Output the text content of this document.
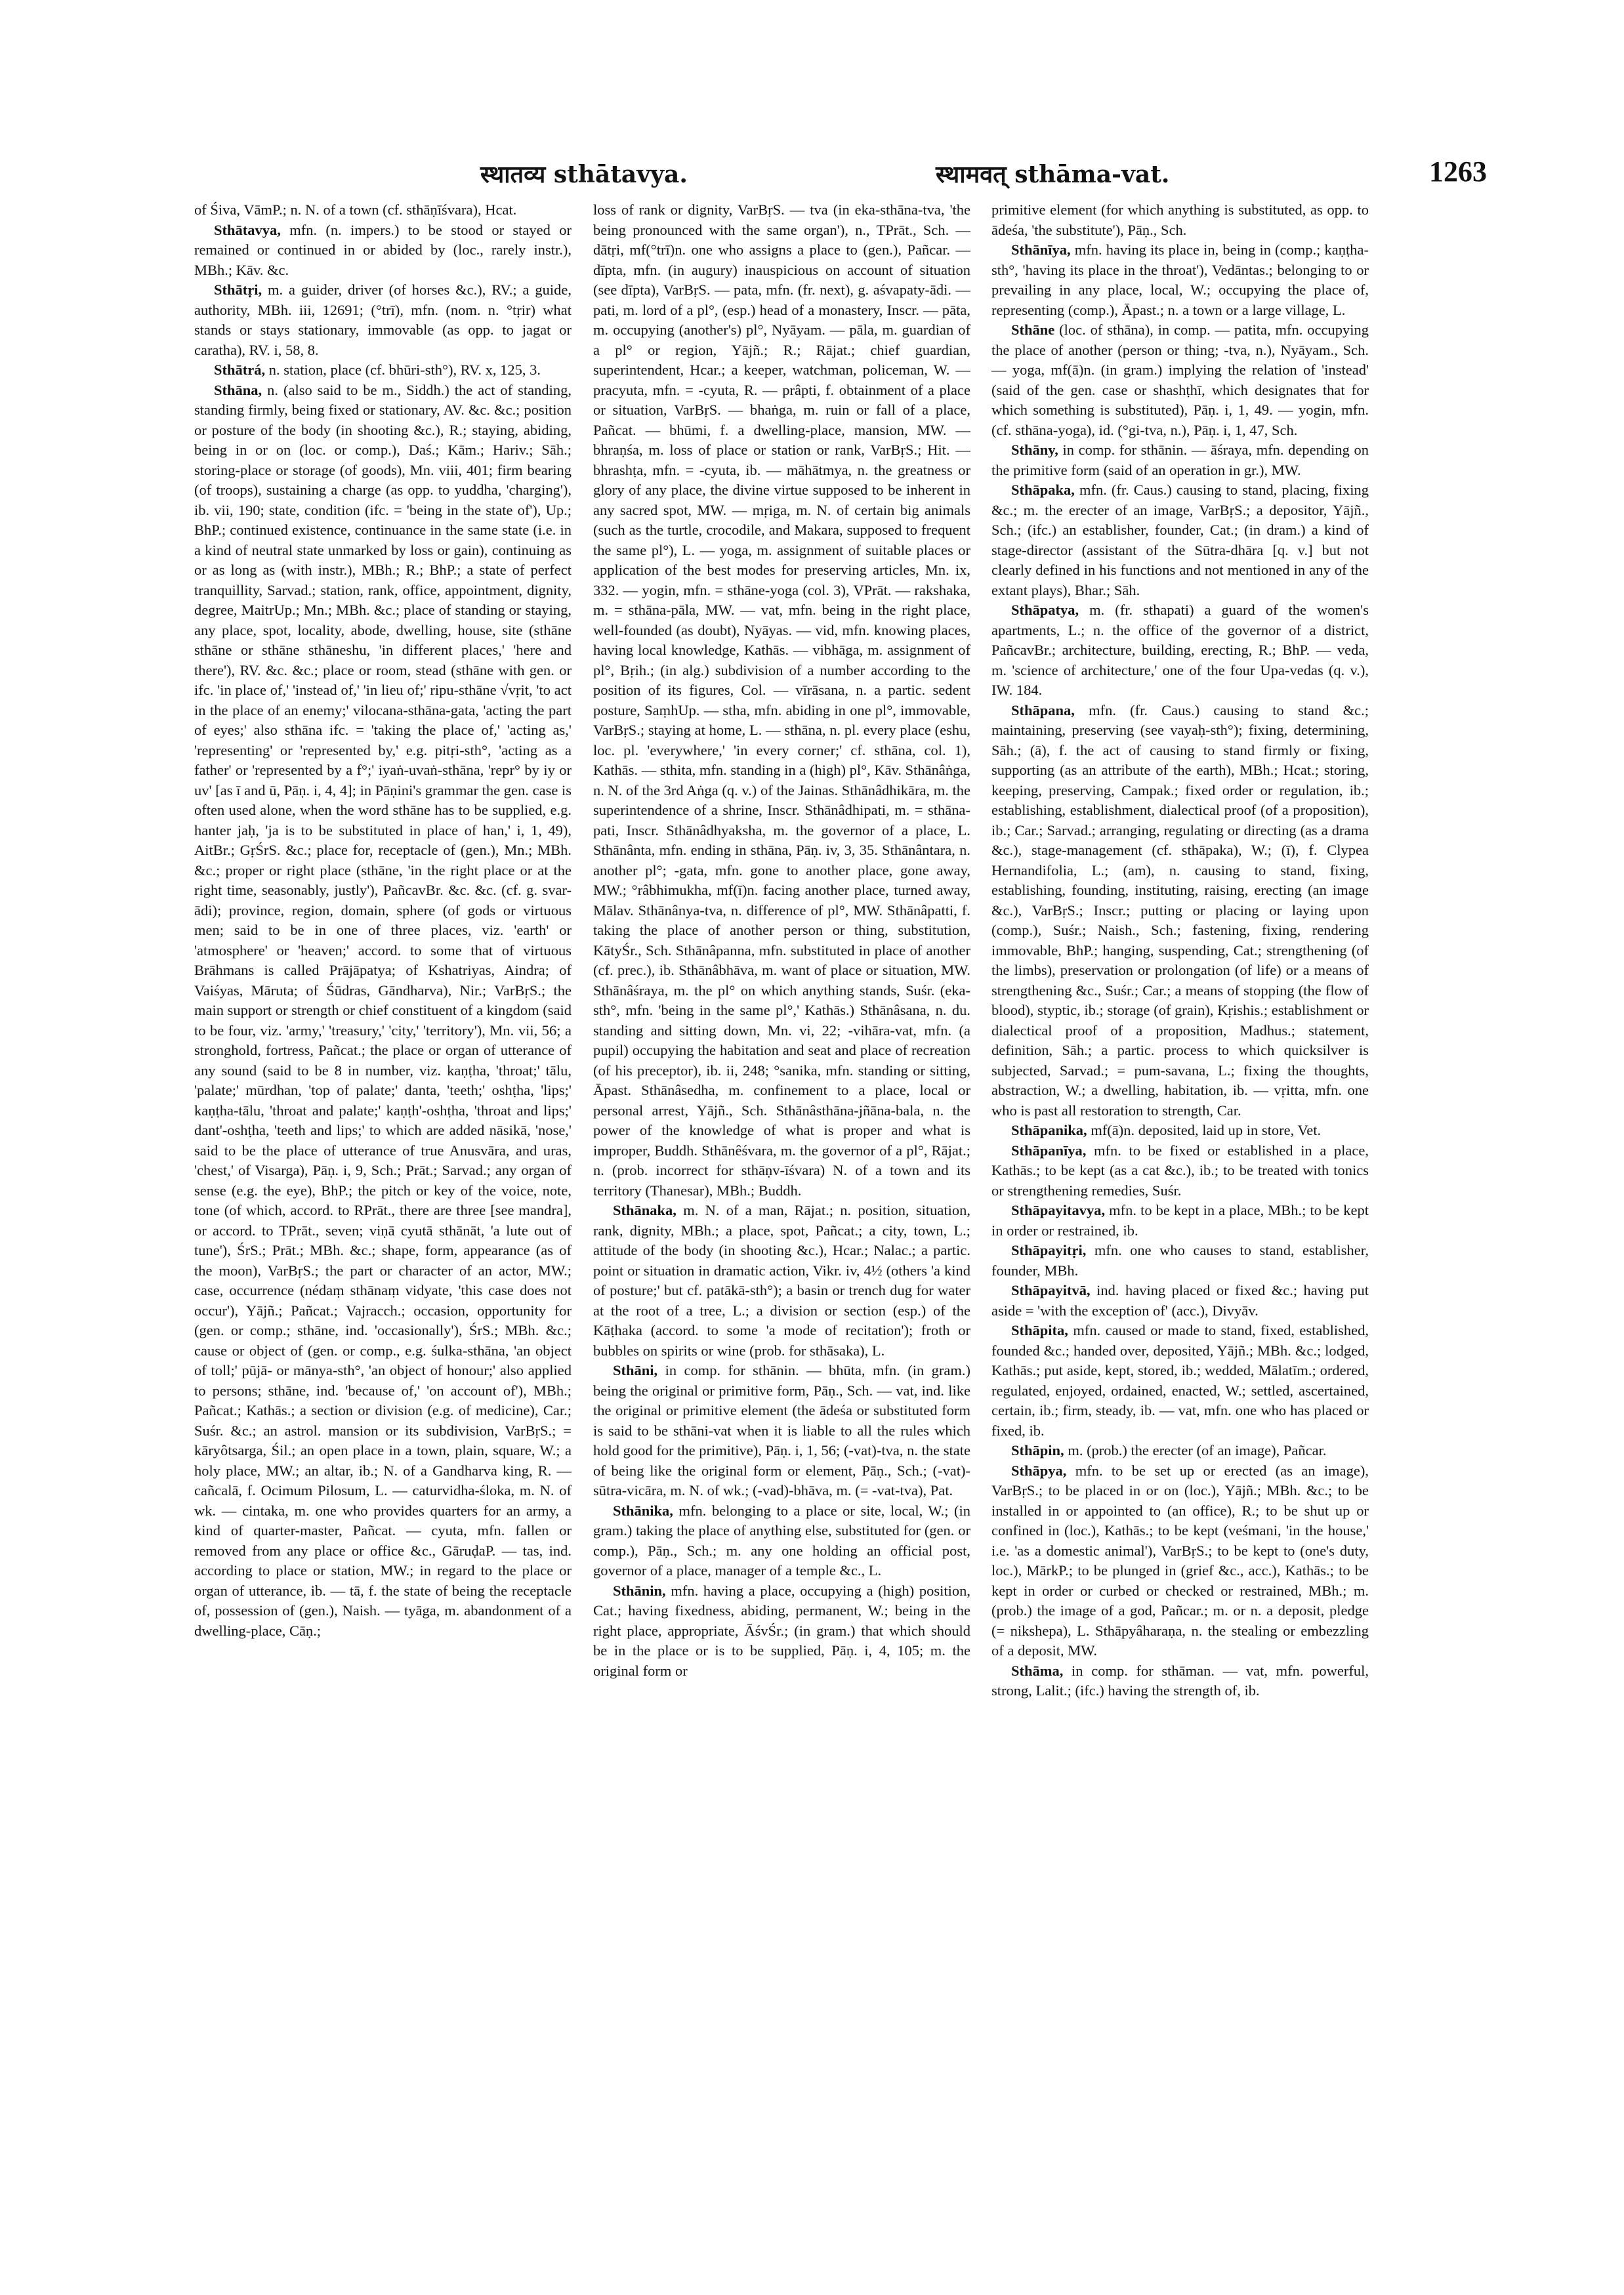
स्थातव्य sthātavya.	स्थामवत् sthāma-vat.	1263

of Śiva, VāmP.; n. N. of a town (cf. sthāṇīśvara), Hcat.

Sthātavya, mfn. (n. impers.) to be stood or stayed or remained or continued in or abided by (loc., rarely instr.), MBh.; Kāv. &c.

Sthātṛi, m. a guider, driver (of horses &c.), RV.; a guide, authority, MBh. iii, 12691; (°trī), mfn. (nom. n. °tṛir) what stands or stays stationary, immovable (as opp. to jagat or caratha), RV. i, 58, 8.

Sthātrá, n. station, place (cf. bhūri-sth°), RV. x, 125, 3.

Sthāna, n. (also said to be m., Siddh.) the act of standing, standing firmly, being fixed or stationary, AV. &c. &c.; position or posture of the body (in shooting &c.), R.; staying, abiding, being in or on (loc. or comp.), Daś.; Kām.; Hariv.; Sāh.; storing-place or storage (of goods), Mn. viii, 401; firm bearing (of troops), sustaining a charge (as opp. to yuddha, 'charging'), ib. vii, 190; state, condition (ifc. = 'being in the state of'), Up.; BhP.; continued existence, continuance in the same state (i.e. in a kind of neutral state unmarked by loss or gain), continuing as or as long as (with instr.), MBh.; R.; BhP.; a state of perfect tranquillity, Sarvad.; station, rank, office, appointment, dignity, degree, MaitrUp.; Mn.; MBh. &c.; place of standing or staying, any place, spot, locality, abode, dwelling, house, site (sthāne sthāne or sthāne sthāneshu, 'in different places,' 'here and there'), RV. &c. &c.; place or room, stead (sthāne with gen. or ifc. 'in place of,' 'instead of,' 'in lieu of;' ripu-sthāne √vṛit, 'to act in the place of an enemy;' vilocana-sthāna-gata, 'acting the part of eyes;' also sthāna ifc. = 'taking the place of,' 'acting as,' 'representing' or 'represented by,' e.g. pitṛi-sth°, 'acting as a father' or 'represented by a f°;' iyaṅ-uvaṅ-sthāna, 'repr° by iy or uv' [as ī and ū, Pāṇ. i, 4, 4]; in Pāṇini's grammar the gen. case is often used alone, when the word sthāne has to be supplied, e.g. hanter jaḥ, 'ja is to be substituted in place of han,' i, 1, 49), AitBr.; GṛŚrS. &c.; place for, receptacle of (gen.), Mn.; MBh. &c.; proper or right place (sthāne, 'in the right place or at the right time, seasonably, justly'), PañcavBr. &c. &c. (cf. g. svar-ādi); province, region, domain, sphere (of gods or virtuous men; said to be in one of three places, viz. 'earth' or 'atmosphere' or 'heaven;' accord. to some that of virtuous Brāhmans is called Prājāpatya; of Kshatriyas, Aindra; of Vaiśyas, Māruta; of Śūdras, Gāndharva), Nir.; VarBṛS.; the main support or strength or chief constituent of a kingdom (said to be four, viz. 'army,' 'treasury,' 'city,' 'territory'), Mn. vii, 56; a stronghold, fortress, Pañcat.; the place or organ of utterance of any sound (said to be 8 in number, viz. kaṇṭha, 'throat;' tālu, 'palate;' mūrdhan, 'top of palate;' danta, 'teeth;' oshṭha, 'lips;' kaṇṭha-tālu, 'throat and palate;' kaṇṭh'-oshṭha, 'throat and lips;' dant'-oshṭha, 'teeth and lips;' to which are added nāsikā, 'nose,' said to be the place of utterance of true Anusvāra, and uras, 'chest,' of Visarga), Pāṇ. i, 9, Sch.; Prāt.; Sarvad.; any organ of sense (e.g. the eye), BhP.; the pitch or key of the voice, note, tone (of which, accord. to RPrāt., there are three [see mandra], or accord. to TPrāt., seven; viṇā cyutā sthānāt, 'a lute out of tune'), ŚrS.; Prāt.; MBh. &c.; shape, form, appearance (as of the moon), VarBṛS.; the part or character of an actor, MW.; case, occurrence (nédaṃ sthānaṃ vidyate, 'this case does not occur'), Yājñ.; Pañcat.; Vajracch.; occasion, opportunity for (gen. or comp.; sthāne, ind. 'occasionally'), ŚrS.; MBh. &c.; cause or object of (gen. or comp., e.g. śulka-sthāna, 'an object of toll;' pūjā- or mānya-sth°, 'an object of honour;' also applied to persons; sthāne, ind. 'because of,' 'on account of'), MBh.; Pañcat.; Kathās.; a section or division (e.g. of medicine), Car.; Suśr. &c.; an astrol. mansion or its subdivision, VarBṛS.; = kāryôtsarga, Śil.; an open place in a town, plain, square, W.; a holy place, MW.; an altar, ib.; N. of a Gandharva king, R. — cañcalā, f. Ocimum Pilosum, L. — caturvidha-śloka, m. N. of wk. — cintaka, m. one who provides quarters for an army, a kind of quarter-master, Pañcat. — cyuta, mfn. fallen or removed from any place or office &c., GāruḍaP. — tas, ind. according to place or station, MW.; in regard to the place or organ of utterance, ib. — tā, f. the state of being the receptacle of, possession of (gen.), Naish. — tyāga, m. abandonment of a dwelling-place, Cāṇ.;

loss of rank or dignity, VarBṛS. — tva (in eka-sthāna-tva, 'the being pronounced with the same organ'), n., TPrāt., Sch. — dātṛi, mf(°trī)n. one who assigns a place to (gen.), Pañcar. — dīpta, mfn. (in augury) inauspicious on account of situation (see dīpta), VarBṛS. — pata, mfn. (fr. next), g. aśvapaty-ādi. — pati, m. lord of a pl°, (esp.) head of a monastery, Inscr. — pāta, m. occupying (another's) pl°, Nyāyam. — pāla, m. guardian of a pl° or region, Yājñ.; R.; Rājat.; chief guardian, superintendent, Hcar.; a keeper, watchman, policeman, W. — pracyuta, mfn. = -cyuta, R. — prâpti, f. obtainment of a place or situation, VarBṛS. — bhaṅga, m. ruin or fall of a place, Pañcat. — bhūmi, f. a dwelling-place, mansion, MW. — bhraṇśa, m. loss of place or station or rank, VarBṛS.; Hit. — bhrashṭa, mfn. = -cyuta, ib. — māhātmya, n. the greatness or glory of any place, the divine virtue supposed to be inherent in any sacred spot, MW. — mṛiga, m. N. of certain big animals (such as the turtle, crocodile, and Makara, supposed to frequent the same pl°), L. — yoga, m. assignment of suitable places or application of the best modes for preserving articles, Mn. ix, 332. — yogin, mfn. = sthāne-yoga (col. 3), VPrāt. — rakshaka, m. = sthāna-pāla, MW. — vat, mfn. being in the right place, well-founded (as doubt), Nyāyas. — vid, mfn. knowing places, having local knowledge, Kathās. — vibhāga, m. assignment of pl°, Bṛih.; (in alg.) subdivision of a number according to the position of its figures, Col. — vīrāsana, n. a partic. sedent posture, SaṃhUp. — stha, mfn. abiding in one pl°, immovable, VarBṛS.; staying at home, L. — sthāna, n. pl. every place (eshu, loc. pl. 'everywhere,' 'in every corner;' cf. sthāna, col. 1), Kathās. — sthita, mfn. standing in a (high) pl°, Kāv. Sthānâṅga, n. N. of the 3rd Aṅga (q. v.) of the Jainas. Sthānâdhikāra, m. the superintendence of a shrine, Inscr. Sthānâdhipati, m. = sthāna-pati, Inscr. Sthānâdhyaksha, m. the governor of a place, L. Sthānânta, mfn. ending in sthāna, Pāṇ. iv, 3, 35. Sthānântara, n. another pl°; -gata, mfn. gone to another place, gone away, MW.; °râbhimukha, mf(ī)n. facing another place, turned away, Mālav. Sthānânya-tva, n. difference of pl°, MW. Sthānâpatti, f. taking the place of another person or thing, substitution, KātyŚr., Sch. Sthānâpanna, mfn. substituted in place of another (cf. prec.), ib. Sthānâbhāva, m. want of place or situation, MW. Sthānâśraya, m. the pl° on which anything stands, Suśr. (eka-sth°, mfn. 'being in the same pl°,' Kathās.) Sthānâsana, n. du. standing and sitting down, Mn. vi, 22; -vihāra-vat, mfn. (a pupil) occupying the habitation and seat and place of recreation (of his preceptor), ib. ii, 248; °sanika, mfn. standing or sitting, Āpast. Sthānâsedha, m. confinement to a place, local or personal arrest, Yājñ., Sch. Sthānâsthāna-jñāna-bala, n. the power of the knowledge of what is proper and what is improper, Buddh. Sthānêśvara, m. the governor of a pl°, Rājat.; n. (prob. incorrect for sthāṇv-īśvara) N. of a town and its territory (Thanesar), MBh.; Buddh.

Sthānaka, m. N. of a man, Rājat.; n. position, situation, rank, dignity, MBh.; a place, spot, Pañcat.; a city, town, L.; attitude of the body (in shooting &c.), Hcar.; Nalac.; a partic. point or situation in dramatic action, Vikr. iv, 4½ (others 'a kind of posture;' but cf. patākā-sth°); a basin or trench dug for water at the root of a tree, L.; a division or section (esp.) of the Kāṭhaka (accord. to some 'a mode of recitation'); froth or bubbles on spirits or wine (prob. for sthāsaka), L.

Sthāni, in comp. for sthānin. — bhūta, mfn. (in gram.) being the original or primitive form, Pāṇ., Sch. — vat, ind. like the original or primitive element (the ādeśa or substituted form is said to be sthāni-vat when it is liable to all the rules which hold good for the primitive), Pāṇ. i, 1, 56; (-vat)-tva, n. the state of being like the original form or element, Pāṇ., Sch.; (-vat)-sūtra-vicāra, m. N. of wk.; (-vad)-bhāva, m. (= -vat-tva), Pat.

Sthānika, mfn. belonging to a place or site, local, W.; (in gram.) taking the place of anything else, substituted for (gen. or comp.), Pāṇ., Sch.; m. any one holding an official post, governor of a place, manager of a temple &c., L.

Sthānin, mfn. having a place, occupying a (high) position, Cat.; having fixedness, abiding, permanent, W.; being in the right place, appropriate, ĀśvŚr.; (in gram.) that which should be in the place or is to be supplied, Pāṇ. i, 4, 105; m. the original form or

primitive element (for which anything is substituted, as opp. to ādeśa, 'the substitute'), Pāṇ., Sch.

Sthānīya, mfn. having its place in, being in (comp.; kaṇṭha-sth°, 'having its place in the throat'), Vedāntas.; belonging to or prevailing in any place, local, W.; occupying the place of, representing (comp.), Āpast.; n. a town or a large village, L.

Sthāne (loc. of sthāna), in comp. — patita, mfn. occupying the place of another (person or thing; -tva, n.), Nyāyam., Sch. — yoga, mf(ā)n. (in gram.) implying the relation of 'instead' (said of the gen. case or shashṭhī, which designates that for which something is substituted), Pāṇ. i, 1, 49. — yogin, mfn. (cf. sthāna-yoga), id. (°gi-tva, n.), Pāṇ. i, 1, 47, Sch.

Sthāny, in comp. for sthānin. — āśraya, mfn. depending on the primitive form (said of an operation in gr.), MW.

Sthāpaka, mfn. (fr. Caus.) causing to stand, placing, fixing &c.; m. the erecter of an image, VarBṛS.; a depositor, Yājñ., Sch.; (ifc.) an establisher, founder, Cat.; (in dram.) a kind of stage-director (assistant of the Sūtra-dhāra [q. v.] but not clearly defined in his functions and not mentioned in any of the extant plays), Bhar.; Sāh.

Sthāpatya, m. (fr. sthapati) a guard of the women's apartments, L.; n. the office of the governor of a district, PañcavBr.; architecture, building, erecting, R.; BhP. — veda, m. 'science of architecture,' one of the four Upa-vedas (q. v.), IW. 184.

Sthāpana, mfn. (fr. Caus.) causing to stand &c.; maintaining, preserving (see vayaḥ-sth°); fixing, determining, Sāh.; (ā), f. the act of causing to stand firmly or fixing, supporting (as an attribute of the earth), MBh.; Hcat.; storing, keeping, preserving, Campak.; fixed order or regulation, ib.; establishing, establishment, dialectical proof (of a proposition), ib.; Car.; Sarvad.; arranging, regulating or directing (as a drama &c.), stage-management (cf. sthāpaka), W.; (ī), f. Clypea Hernandifolia, L.; (am), n. causing to stand, fixing, establishing, founding, instituting, raising, erecting (an image &c.), VarBṛS.; Inscr.; putting or placing or laying upon (comp.), Suśr.; Naish., Sch.; fastening, fixing, rendering immovable, BhP.; hanging, suspending, Cat.; strengthening (of the limbs), preservation or prolongation (of life) or a means of strengthening &c., Suśr.; Car.; a means of stopping (the flow of blood), styptic, ib.; storage (of grain), Kṛishis.; establishment or dialectical proof of a proposition, Madhus.; statement, definition, Sāh.; a partic. process to which quicksilver is subjected, Sarvad.; = pum-savana, L.; fixing the thoughts, abstraction, W.; a dwelling, habitation, ib. — vṛitta, mfn. one who is past all restoration to strength, Car.

Sthāpanika, mf(ā)n. deposited, laid up in store, Vet.

Sthāpanīya, mfn. to be fixed or established in a place, Kathās.; to be kept (as a cat &c.), ib.; to be treated with tonics or strengthening remedies, Suśr.

Sthāpayitavya, mfn. to be kept in a place, MBh.; to be kept in order or restrained, ib.

Sthāpayitṛi, mfn. one who causes to stand, establisher, founder, MBh.

Sthāpayitvā, ind. having placed or fixed &c.; having put aside = 'with the exception of' (acc.), Divyāv.

Sthāpita, mfn. caused or made to stand, fixed, established, founded &c.; handed over, deposited, Yājñ.; MBh. &c.; lodged, Kathās.; put aside, kept, stored, ib.; wedded, Mālatīm.; ordered, regulated, enjoyed, ordained, enacted, W.; settled, ascertained, certain, ib.; firm, steady, ib. — vat, mfn. one who has placed or fixed, ib.

Sthāpin, m. (prob.) the erecter (of an image), Pañcar.

Sthāpya, mfn. to be set up or erected (as an image), VarBṛS.; to be placed in or on (loc.), Yājñ.; MBh. &c.; to be installed in or appointed to (an office), R.; to be shut up or confined in (loc.), Kathās.; to be kept (veśmani, 'in the house,' i.e. 'as a domestic animal'), VarBṛS.; to be kept to (one's duty, loc.), MārkP.; to be plunged in (grief &c., acc.), Kathās.; to be kept in order or curbed or checked or restrained, MBh.; m. (prob.) the image of a god, Pañcar.; m. or n. a deposit, pledge (= nikshepa), L. Sthāpyâharaṇa, n. the stealing or embezzling of a deposit, MW.

Sthāma, in comp. for sthāman. — vat, mfn. powerful, strong, Lalit.; (ifc.) having the strength of, ib.
